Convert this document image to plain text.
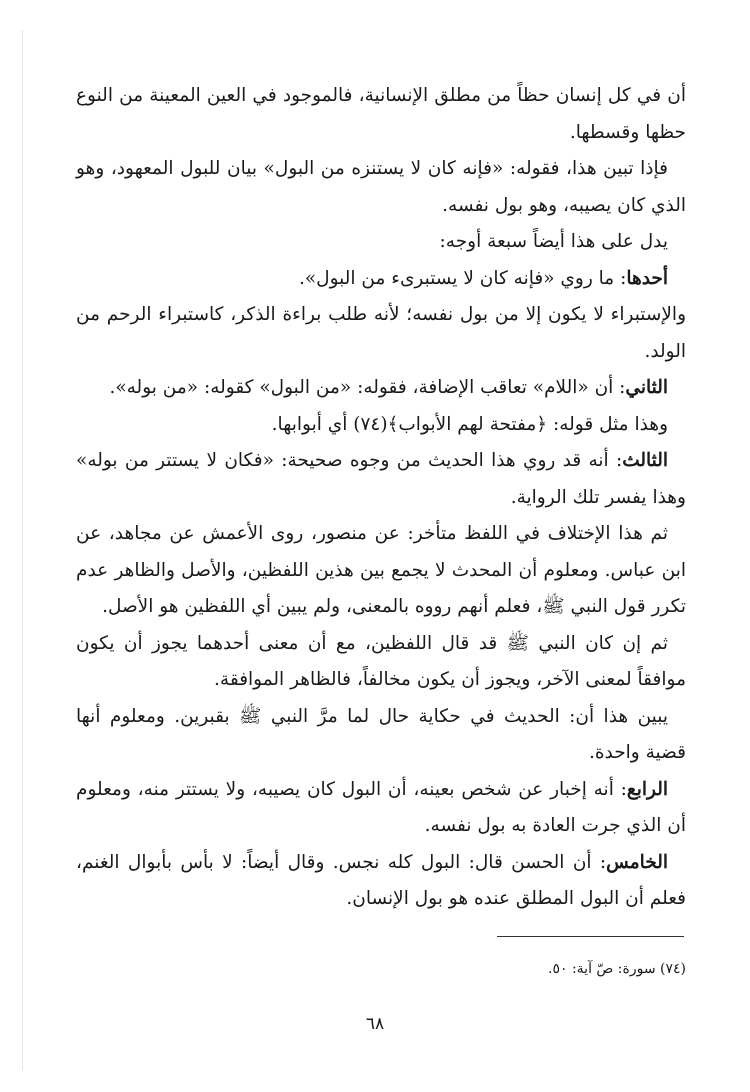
أن في كل إنسان حظاً من مطلق الإنسانية، فالموجود في العين المعينة من النوع حظها وقسطها.

فإذا تبين هذا، فقوله: «فإنه كان لا يستنزه من البول» بيان للبول المعهود، وهو الذي كان يصيبه، وهو بول نفسه.

يدل على هذا أيضاً سبعة أوجه:

أحدها: ما روي «فإنه كان لا يستبرىء من البول».

والإستبراء لا يكون إلا من بول نفسه؛ لأنه طلب براءة الذكر، كاستبراء الرحم من الولد.

الثاني: أن «اللام» تعاقب الإضافة، فقوله: «من البول» كقوله: «من بوله».

وهذا مثل قوله: ﴿مفتحة لهم الأبواب﴾(٧٤) أي أبوابها.

الثالث: أنه قد روي هذا الحديث من وجوه صحيحة: «فكان لا يستتر من بوله» وهذا يفسر تلك الرواية.

ثم هذا الإختلاف في اللفظ متأخر: عن منصور، روى الأعمش عن مجاهد، عن ابن عباس. ومعلوم أن المحدث لا يجمع بين هذين اللفظين، والأصل والظاهر عدم تكرر قول النبي ﷺ، فعلم أنهم رووه بالمعنى، ولم يبين أي اللفظين هو الأصل.

ثم إن كان النبي ﷺ قد قال اللفظين، مع أن معنى أحدهما يجوز أن يكون موافقاً لمعنى الآخر، ويجوز أن يكون مخالفاً، فالظاهر الموافقة.

يبين هذا أن: الحديث في حكاية حال لما مرَّ النبي ﷺ بقبرين. ومعلوم أنها قضية واحدة.

الرابع: أنه إخبار عن شخص بعينه، أن البول كان يصيبه، ولا يستتر منه، ومعلوم أن الذي جرت العادة به بول نفسه.

الخامس: أن الحسن قال: البول كله نجس. وقال أيضاً: لا بأس بأبوال الغنم، فعلم أن البول المطلق عنده هو بول الإنسان.

(٧٤) سورة: صّ آية: ٥٠.
٦٨
